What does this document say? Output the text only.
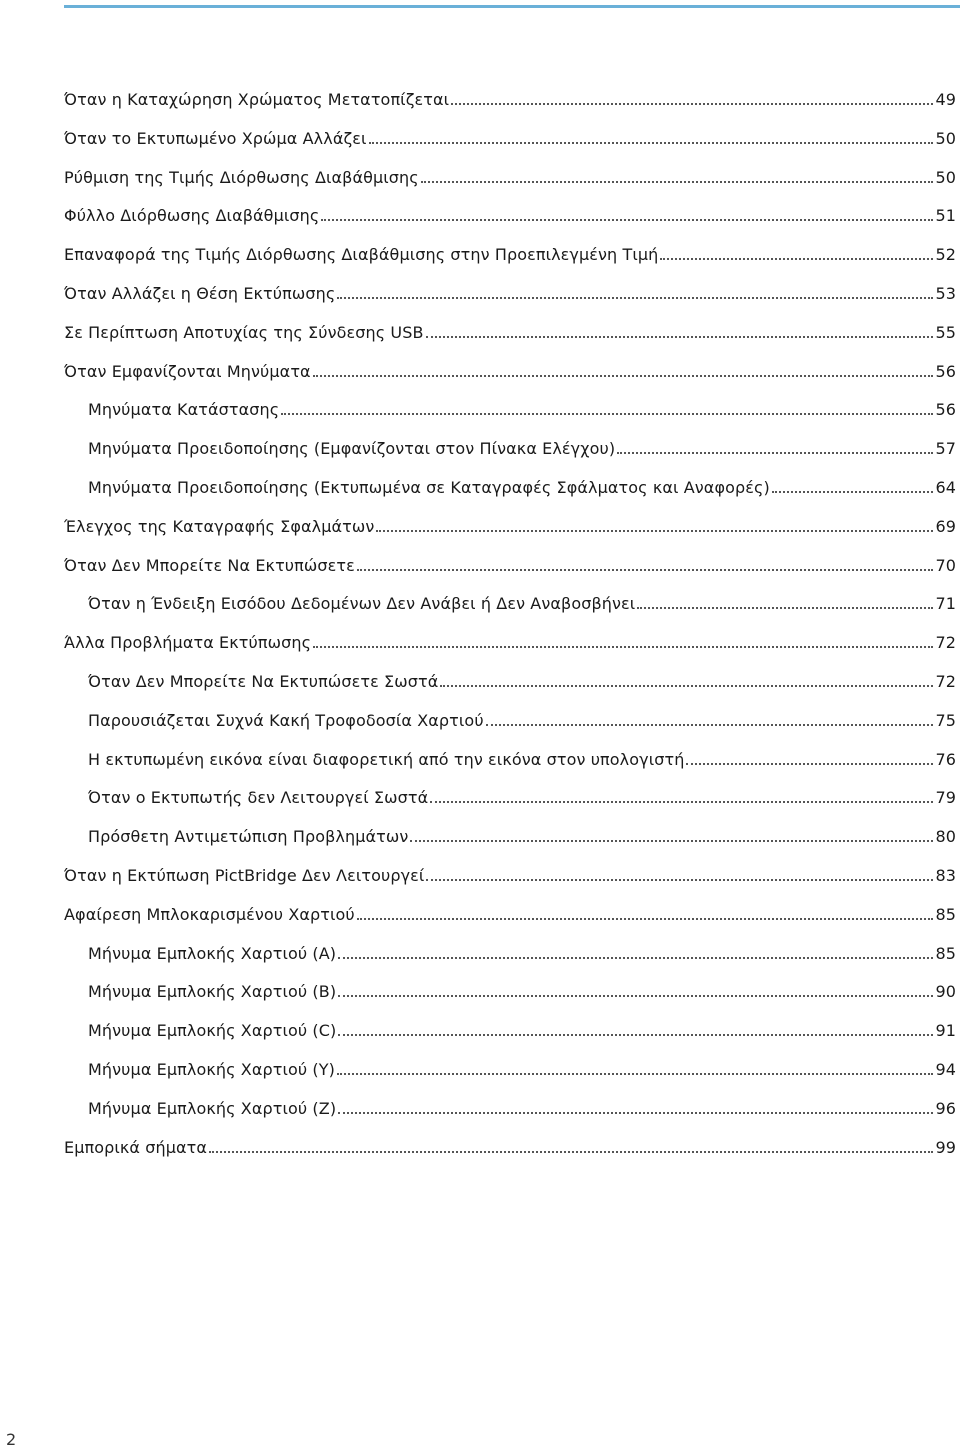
Όταν η Καταχώρηση Χρώματος Μετατοπίζεται	49
Όταν το Εκτυπωμένο Χρώμα Αλλάζει	50
Ρύθμιση της Τιμής Διόρθωσης Διαβάθμισης	50
Φύλλο Διόρθωσης Διαβάθμισης	51
Επαναφορά της Τιμής Διόρθωσης Διαβάθμισης στην Προεπιλεγμένη Τιμή	52
Όταν Αλλάζει η Θέση Εκτύπωσης	53
Σε Περίπτωση Αποτυχίας της Σύνδεσης USB	55
Όταν Εμφανίζονται Μηνύματα	56
Μηνύματα Κατάστασης	56
Μηνύματα Προειδοποίησης (Εμφανίζονται στον Πίνακα Ελέγχου)	57
Μηνύματα Προειδοποίησης (Εκτυπωμένα σε Καταγραφές Σφάλματος και Αναφορές)	64
Έλεγχος της Καταγραφής Σφαλμάτων	69
Όταν Δεν Μπορείτε Να Εκτυπώσετε	70
Όταν η Ένδειξη Εισόδου Δεδομένων Δεν Ανάβει ή Δεν Αναβοσβήνει	71
Άλλα Προβλήματα Εκτύπωσης	72
Όταν Δεν Μπορείτε Να Εκτυπώσετε Σωστά	72
Παρουσιάζεται Συχνά Κακή Τροφοδοσία Χαρτιού	75
Η εκτυπωμένη εικόνα είναι διαφορετική από την εικόνα στον υπολογιστή	76
Όταν ο Εκτυπωτής δεν Λειτουργεί Σωστά	79
Πρόσθετη Αντιμετώπιση Προβλημάτων	80
Όταν η Εκτύπωση PictBridge Δεν Λειτουργεί	83
Αφαίρεση Μπλοκαρισμένου Χαρτιού	85
Μήνυμα Εμπλοκής Χαρτιού (A)	85
Μήνυμα Εμπλοκής Χαρτιού (B)	90
Μήνυμα Εμπλοκής Χαρτιού (C)	91
Μήνυμα Εμπλοκής Χαρτιού (Y)	94
Μήνυμα Εμπλοκής Χαρτιού (Z)	96
Εμπορικά σήματα	99
2
